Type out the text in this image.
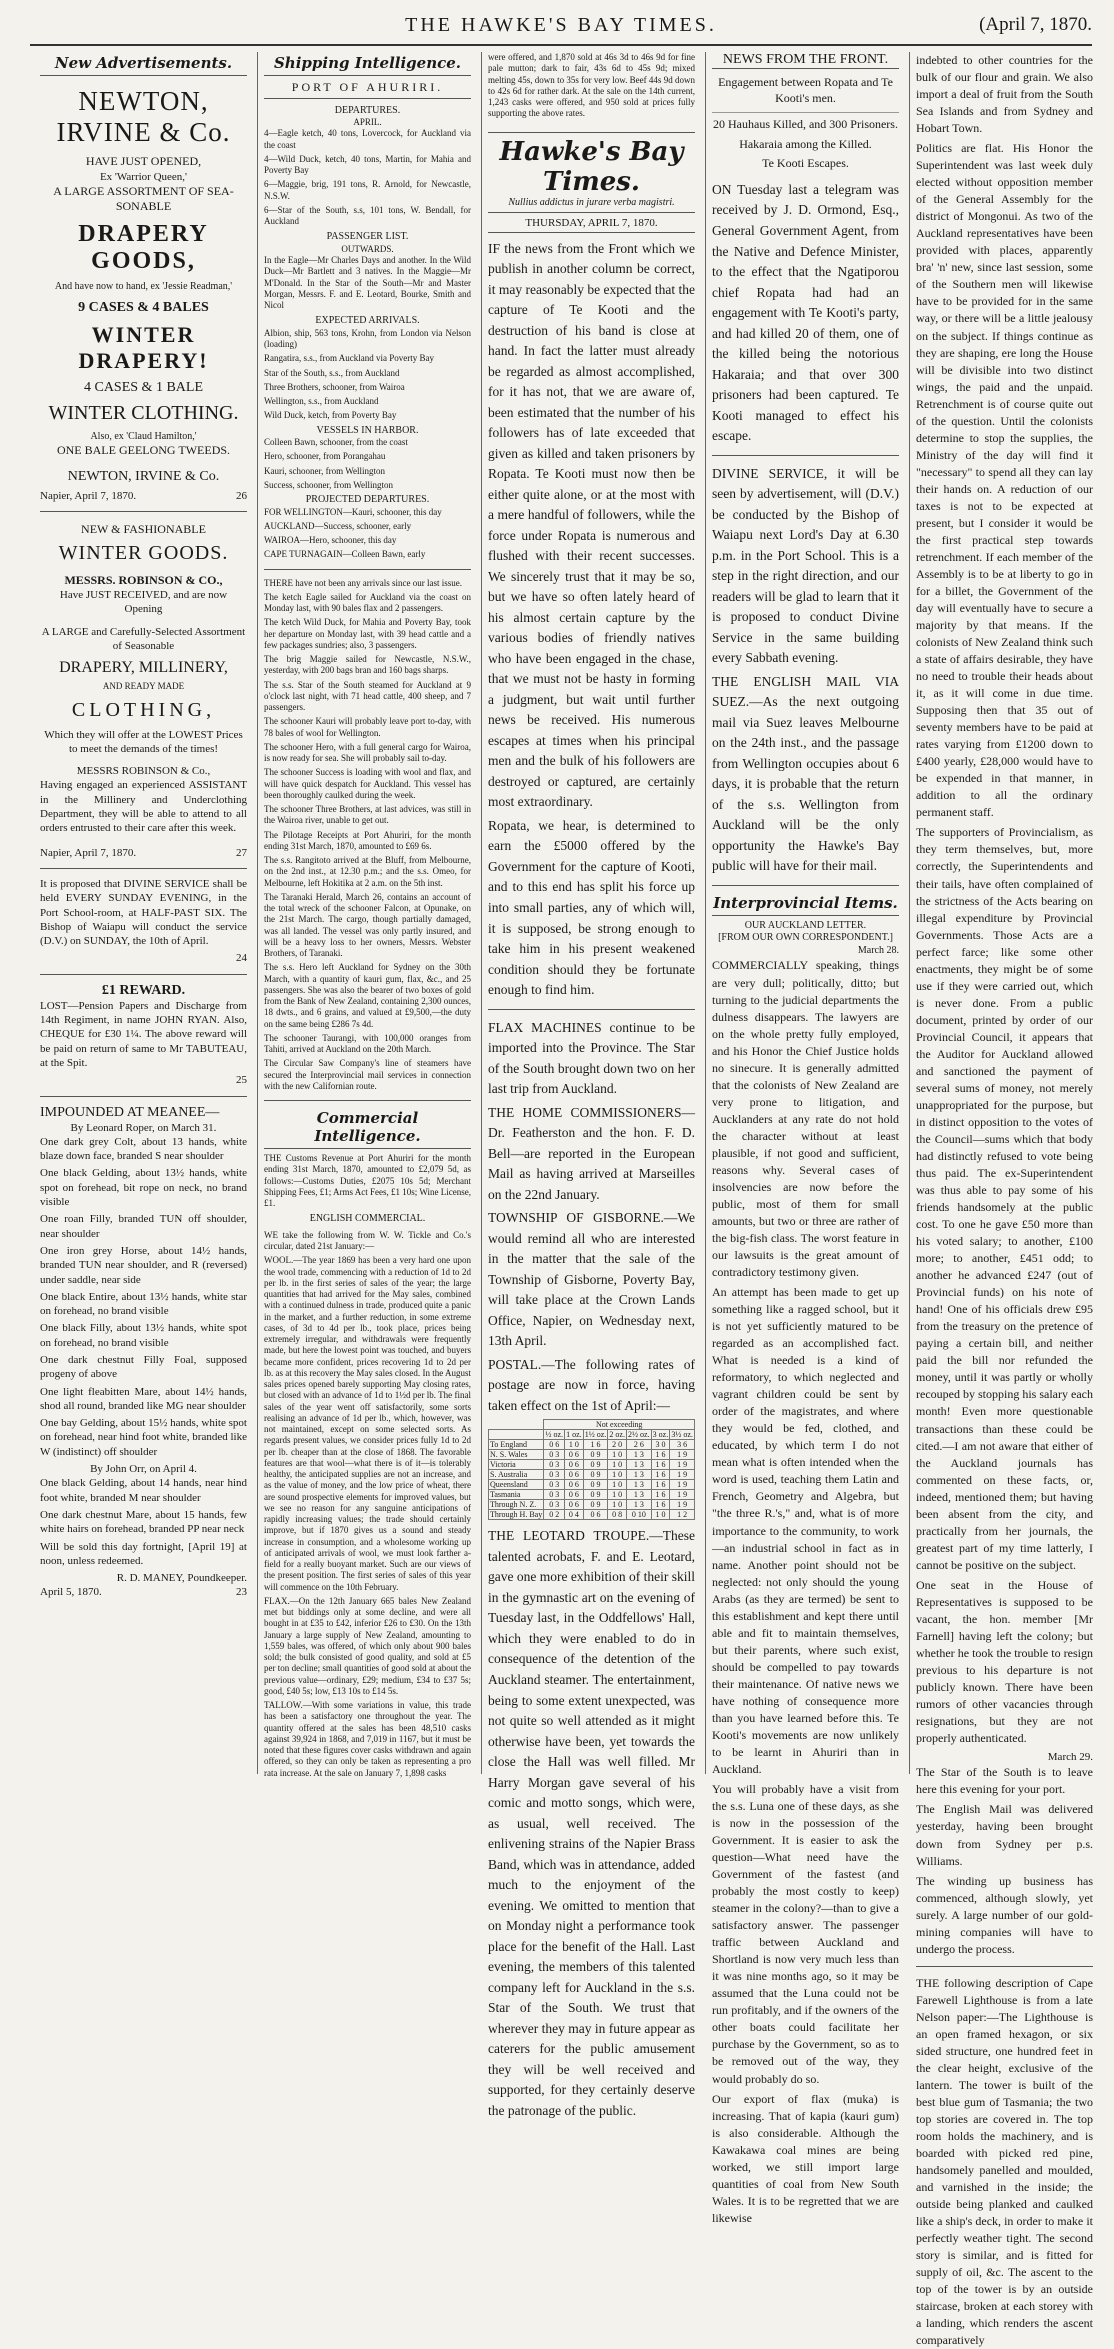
THE HAWKE'S BAY TIMES.	(April 7, 1870.
New Advertisements.
NEWTON, IRVINE & Co.
HAVE JUST OPENED,
Ex 'Warrior Queen,'
A LARGE ASSORTMENT OF SEA-SONABLE
DRAPERY GOODS,
And have now to hand, ex 'Jessie Readman,'
9 CASES & 4 BALES
WINTER DRAPERY!
4 CASES & 1 BALE
WINTER CLOTHING.
Also, ex 'Claud Hamilton,'
ONE BALE GEELONG TWEEDS.
NEWTON, IRVINE & Co.
Napier, April 7, 1870.	26
NEW & FASHIONABLE
WINTER GOODS.
MESSRS. ROBINSON & CO.,
Have JUST RECEIVED, and are now Opening
A LARGE and Carefully-Selected Assortment of Seasonable
DRAPERY, MILLINERY,
AND READY MADE
CLOTHING,
Which they will offer at the LOWEST Prices to meet the demands of the times!
MESSRS ROBINSON & Co.,

Having engaged an experienced ASSISTANT in the Millinery and Underclothing Department, they will be able to attend to all orders entrusted to their care after this week.

Napier, April 7, 1870.	27

It is proposed that DIVINE SERVICE shall be held EVERY SUNDAY EVENING, in the Port School-room, at HALF-PAST SIX. The Bishop of Waiapu will conduct the service (D.V.) on SUNDAY, the 10th of April.

24
£1 REWARD.

LOST—Pension Papers and Discharge from 14th Regiment, in name JOHN RYAN. Also, CHEQUE for £30 1¼. The above reward will be paid on return of same to Mr TABUTEAU, at the Spit.

25
IMPOUNDED AT MEANEE—
By Leonard Roper, on March 31.

One dark grey Colt, about 13 hands, white blaze down face, branded S near shoulder

One black Gelding, about 13½ hands, white spot on forehead, bit rope on neck, no brand visible

One roan Filly, branded TUN off shoulder, near shoulder

One iron grey Horse, about 14½ hands, branded TUN near shoulder, and R (reversed) under saddle, near side

One black Entire, about 13½ hands, white star on forehead, no brand visible

One black Filly, about 13½ hands, white spot on forehead, no brand visible

One dark chestnut Filly Foal, supposed progeny of above

One light fleabitten Mare, about 14½ hands, shod all round, branded like MG near shoulder

One bay Gelding, about 15½ hands, white spot on forehead, near hind foot white, branded like W (indistinct) off shoulder

By John Orr, on April 4.

One black Gelding, about 14 hands, near hind foot white, branded M near shoulder

One dark chestnut Mare, about 15 hands, few white hairs on forehead, branded PP near neck

Will be sold this day fortnight, [April 19] at noon, unless redeemed.

R. D. MANEY, Poundkeeper.
April 5, 1870.	23
Shipping Intelligence.
PORT OF AHURIRI.
DEPARTURES.
APRIL.

4—Eagle ketch, 40 tons, Lovercock, for Auckland via the coast

4—Wild Duck, ketch, 40 tons, Martin, for Mahia and Poverty Bay

6—Maggie, brig, 191 tons, R. Arnold, for Newcastle, N.S.W.

6—Star of the South, s.s, 101 tons, W. Bendall, for Auckland

PASSENGER LIST.
OUTWARDS.

In the Eagle—Mr Charles Days and another. In the Wild Duck—Mr Bartlett and 3 natives. In the Maggie—Mr M'Donald. In the Star of the South—Mr and Master Morgan, Messrs. F. and E. Leotard, Bourke, Smith and Nicol

EXPECTED ARRIVALS.

Albion, ship, 563 tons, Krohn, from London via Nelson (loading)

Rangatira, s.s., from Auckland via Poverty Bay

Star of the South, s.s., from Auckland

Three Brothers, schooner, from Wairoa

Wellington, s.s., from Auckland

Wild Duck, ketch, from Poverty Bay

VESSELS IN HARBOR.

Colleen Bawn, schooner, from the coast

Hero, schooner, from Porangahau

Kauri, schooner, from Wellington

Success, schooner, from Wellington

PROJECTED DEPARTURES.

FOR WELLINGTON—Kauri, schooner, this day

AUCKLAND—Success, schooner, early

WAIROA—Hero, schooner, this day

CAPE TURNAGAIN—Colleen Bawn, early

THERE have not been any arrivals since our last issue.

The ketch Eagle sailed for Auckland via the coast on Monday last, with 90 bales flax and 2 passengers.

The ketch Wild Duck, for Mahia and Poverty Bay, took her departure on Monday last, with 39 head cattle and a few packages sundries; also, 3 passengers.

The brig Maggie sailed for Newcastle, N.S.W., yesterday, with 200 bags bran and 160 bags sharps.

The s.s. Star of the South steamed for Auckland at 9 o'clock last night, with 71 head cattle, 400 sheep, and 7 passengers.

The schooner Kauri will probably leave port to-day, with 78 bales of wool for Wellington.

The schooner Hero, with a full general cargo for Wairoa, is now ready for sea. She will probably sail to-day.

The schooner Success is loading with wool and flax, and will have quick despatch for Auckland. This vessel has been thoroughly caulked during the week.

The schooner Three Brothers, at last advices, was still in the Wairoa river, unable to get out.

The Pilotage Receipts at Port Ahuriri, for the month ending 31st March, 1870, amounted to £69 6s.

The s.s. Rangitoto arrived at the Bluff, from Melbourne, on the 2nd inst., at 12.30 p.m.; and the s.s. Omeo, for Melbourne, left Hokitika at 2 a.m. on the 5th inst.

The Taranaki Herald, March 26, contains an account of the total wreck of the schooner Falcon, at Opunake, on the 21st March. The cargo, though partially damaged, was all landed. The vessel was only partly insured, and will be a heavy loss to her owners, Messrs. Webster Brothers, of Taranaki.

The s.s. Hero left Auckland for Sydney on the 30th March, with a quantity of kauri gum, flax, &c., and 25 passengers. She was also the bearer of two boxes of gold from the Bank of New Zealand, containing 2,300 ounces, 18 dwts., and 6 grains, and valued at £9,500,—the duty on the same being £286 7s 4d.

The schooner Taurangi, with 100,000 oranges from Tahiti, arrived at Auckland on the 20th March.

The Circular Saw Company's line of steamers have secured the Interprovincial mail services in connection with the new Californian route.

Commercial Intelligence.

THE Customs Revenue at Port Ahuriri for the month ending 31st March, 1870, amounted to £2,079 5d, as follows:—Customs Duties, £2075 10s 5d; Merchant Shipping Fees, £1; Arms Act Fees, £1 10s; Wine License, £1.

ENGLISH COMMERCIAL.

WE take the following from W. W. Tickle and Co.'s circular, dated 21st January:—

WOOL.—The year 1869 has been a very hard one upon the wool trade, commencing with a reduction of 1d to 2d per lb. in the first series of sales of the year; the large quantities that had arrived for the May sales, combined with a continued dulness in trade, produced quite a panic in the market, and a further reduction, in some extreme cases, of 3d to 4d per lb., took place, prices being extremely irregular, and withdrawals were frequently made, but here the lowest point was touched, and buyers became more confident, prices recovering 1d to 2d per lb. as at this recovery the May sales closed. In the August sales prices opened barely supporting May closing rates, but closed with an advance of 1d to 1½d per lb. The final sales of the year went off satisfactorily, some sorts realising an advance of 1d per lb., which, however, was not maintained, except on some selected sorts. As regards present values, we consider prices fully 1d to 2d per lb. cheaper than at the close of 1868. The favorable features are that wool—what there is of it—is tolerably healthy, the anticipated supplies are not an increase, and as the value of money, and the low price of wheat, there are sound prospective elements for improved values, but we see no reason for any sanguine anticipations of rapidly increasing values; the trade should certainly improve, but if 1870 gives us a sound and steady increase in consumption, and a wholesome working up of anticipated arrivals of wool, we must look farther a-field for a really buoyant market. Such are our views of the present position. The first series of sales of this year will commence on the 10th February.

FLAX.—On the 12th January 665 bales New Zealand met but biddings only at some decline, and were all bought in at £35 to £42, inferior £26 to £30. On the 13th January a large supply of New Zealand, amounting to 1,559 bales, was offered, of which only about 900 bales sold; the bulk consisted of good quality, and sold at £5 per ton decline; small quantities of good sold at about the previous value—ordinary, £29; medium, £34 to £37 5s; good, £40 5s; low, £13 10s to £14 5s.

TALLOW.—With some variations in value, this trade has been a satisfactory one throughout the year. The quantity offered at the sales has been 48,510 casks against 39,924 in 1868, and 7,019 in 1167, but it must be noted that these figures cover casks withdrawn and again offered, so they can only be taken as representing a pro rata increase. At the sale on January 7, 1,898 casks

were offered, and 1,870 sold at 46s 3d to 46s 9d for fine pale mutton; dark to fair, 43s 6d to 45s 9d; mixed melting 45s, down to 35s for very low. Beef 44s 9d down to 42s 6d for rather dark. At the sale on the 14th current, 1,243 casks were offered, and 950 sold at prices fully supporting the above rates.

Hawke's Bay Times.
Nullius addictus in jurare verba magistri.
THURSDAY, APRIL 7, 1870.

IF the news from the Front which we publish in another column be correct, it may reasonably be expected that the capture of Te Kooti and the destruction of his band is close at hand. In fact the latter must already be regarded as almost accomplished, for it has not, that we are aware of, been estimated that the number of his followers has of late exceeded that given as killed and taken prisoners by Ropata. Te Kooti must now then be either quite alone, or at the most with a mere handful of followers, while the force under Ropata is numerous and flushed with their recent successes. We sincerely trust that it may be so, but we have so often lately heard of his almost certain capture by the various bodies of friendly natives who have been engaged in the chase, that we must not be hasty in forming a judgment, but wait until further news be received. His numerous escapes at times when his principal men and the bulk of his followers are destroyed or captured, are certainly most extraordinary.

Ropata, we hear, is determined to earn the £5000 offered by the Government for the capture of Kooti, and to this end has split his force up into small parties, any of which will, it is supposed, be strong enough to take him in his present weakened condition should they be fortunate enough to find him.

FLAX MACHINES continue to be imported into the Province. The Star of the South brought down two on her last trip from Auckland.

THE HOME COMMISSIONERS—Dr. Featherston and the hon. F. D. Bell—are reported in the European Mail as having arrived at Marseilles on the 22nd January.

TOWNSHIP OF GISBORNE.—We would remind all who are interested in the matter that the sale of the Township of Gisborne, Poverty Bay, will take place at the Crown Lands Office, Napier, on Wednesday next, 13th April.

POSTAL.—The following rates of postage are now in force, having taken effect on the 1st of April:—

	Not exceeding						
	½ oz.	1 oz.	1½ oz.	2 oz.	2½ oz.	3 oz.	3½ oz.
To England	0 6	1 0	1 6	2 0	2 6	3 0	3 6
N. S. Wales	0 3	0 6	0 9	1 0	1 3	1 6	1 9
Victoria	0 3	0 6	0 9	1 0	1 3	1 6	1 9
S. Australia	0 3	0 6	0 9	1 0	1 3	1 6	1 9
Queensland	0 3	0 6	0 9	1 0	1 3	1 6	1 9
Tasmania	0 3	0 6	0 9	1 0	1 3	1 6	1 9
Through N. Z.	0 3	0 6	0 9	1 0	1 3	1 6	1 9
Through H. Bay	0 2	0 4	0 6	0 8	0 10	1 0	1 2

THE LEOTARD TROUPE.—These talented acrobats, F. and E. Leotard, gave one more exhibition of their skill in the gymnastic art on the evening of Tuesday last, in the Oddfellows' Hall, which they were enabled to do in consequence of the detention of the Auckland steamer. The entertainment, being to some extent unexpected, was not quite so well attended as it might otherwise have been, yet towards the close the Hall was well filled. Mr Harry Morgan gave several of his comic and motto songs, which were, as usual, well received. The enlivening strains of the Napier Brass Band, which was in attendance, added much to the enjoyment of the evening. We omitted to mention that on Monday night a performance took place for the benefit of the Hall. Last evening, the members of this talented company left for Auckland in the s.s. Star of the South. We trust that wherever they may in future appear as caterers for the public amusement they will be well received and supported, for they certainly deserve the patronage of the public.

NEWS FROM THE FRONT.
Engagement between Ropata and Te Kooti's men.
20 Hauhaus Killed, and 300 Prisoners.
Hakaraia among the Killed.
Te Kooti Escapes.

ON Tuesday last a telegram was received by J. D. Ormond, Esq., General Government Agent, from the Native and Defence Minister, to the effect that the Ngatiporou chief Ropata had had an engagement with Te Kooti's party, and had killed 20 of them, one of the killed being the notorious Hakaraia; and that over 300 prisoners had been captured. Te Kooti managed to effect his escape.

DIVINE SERVICE, it will be seen by advertisement, will (D.V.) be conducted by the Bishop of Waiapu next Lord's Day at 6.30 p.m. in the Port School. This is a step in the right direction, and our readers will be glad to learn that it is proposed to conduct Divine Service in the same building every Sabbath evening.

THE ENGLISH MAIL VIA SUEZ.—As the next outgoing mail via Suez leaves Melbourne on the 24th inst., and the passage from Wellington occupies about 6 days, it is probable that the return of the s.s. Wellington from Auckland will be the only opportunity the Hawke's Bay public will have for their mail.

Interprovincial Items.
OUR AUCKLAND LETTER.
[FROM OUR OWN CORRESPONDENT.]
March 28.

COMMERCIALLY speaking, things are very dull; politically, ditto; but turning to the judicial departments the dulness disappears. The lawyers are on the whole pretty fully employed, and his Honor the Chief Justice holds no sinecure. It is generally admitted that the colonists of New Zealand are very prone to litigation, and Aucklanders at any rate do not hold the character without at least plausible, if not good and sufficient, reasons why. Several cases of insolvencies are now before the public, most of them for small amounts, but two or three are rather of the big-fish class. The worst feature in our lawsuits is the great amount of contradictory testimony given.

An attempt has been made to get up something like a ragged school, but it is not yet sufficiently matured to be regarded as an accomplished fact. What is needed is a kind of reformatory, to which neglected and vagrant children could be sent by order of the magistrates, and where they would be fed, clothed, and educated, by which term I do not mean what is often intended when the word is used, teaching them Latin and French, Geometry and Algebra, but "the three R.'s," and, what is of more importance to the community, to work—an industrial school in fact as in name. Another point should not be neglected: not only should the young Arabs (as they are termed) be sent to this establishment and kept there until able and fit to maintain themselves, but their parents, where such exist, should be compelled to pay towards their maintenance. Of native news we have nothing of consequence more than you have learned before this. Te Kooti's movements are now unlikely to be learnt in Ahuriri than in Auckland.

You will probably have a visit from the s.s. Luna one of these days, as she is now in the possession of the Government. It is easier to ask the question—What need have the Government of the fastest (and probably the most costly to keep) steamer in the colony?—than to give a satisfactory answer. The passenger traffic between Auckland and Shortland is now very much less than it was nine months ago, so it may be assumed that the Luna could not be run profitably, and if the owners of the other boats could facilitate her purchase by the Government, so as to be removed out of the way, they would probably do so.

Our export of flax (muka) is increasing. That of kapia (kauri gum) is also considerable. Although the Kawakawa coal mines are being worked, we still import large quantities of coal from New South Wales. It is to be regretted that we are likewise

indebted to other countries for the bulk of our flour and grain. We also import a deal of fruit from the South Sea Islands and from Sydney and Hobart Town.

Politics are flat. His Honor the Superintendent was last week duly elected without opposition member of the General Assembly for the district of Mongonui. As two of the Auckland representatives have been provided with places, apparently bra' 'n' new, since last session, some of the Southern men will likewise have to be provided for in the same way, or there will be a little jealousy on the subject. If things continue as they are shaping, ere long the House will be divisible into two distinct wings, the paid and the unpaid. Retrenchment is of course quite out of the question. Until the colonists determine to stop the supplies, the Ministry of the day will find it "necessary" to spend all they can lay their hands on. A reduction of our taxes is not to be expected at present, but I consider it would be the first practical step towards retrenchment. If each member of the Assembly is to be at liberty to go in for a billet, the Government of the day will eventually have to secure a majority by that means. If the colonists of New Zealand think such a state of affairs desirable, they have no need to trouble their heads about it, as it will come in due time. Supposing then that 35 out of seventy members have to be paid at rates varying from £1200 down to £400 yearly, £28,000 would have to be expended in that manner, in addition to all the ordinary permanent staff.

The supporters of Provincialism, as they term themselves, but, more correctly, the Superintendents and their tails, have often complained of the strictness of the Acts bearing on illegal expenditure by Provincial Governments. Those Acts are a perfect farce; like some other enactments, they might be of some use if they were carried out, which is never done. From a public document, printed by order of our Provincial Council, it appears that the Auditor for Auckland allowed and sanctioned the payment of several sums of money, not merely unappropriated for the purpose, but in distinct opposition to the votes of the Council—sums which that body had distinctly refused to vote being thus paid. The ex-Superintendent was thus able to pay some of his friends handsomely at the public cost. To one he gave £50 more than his voted salary; to another, £100 more; to another, £451 odd; to another he advanced £247 (out of Provincial funds) on his note of hand! One of his officials drew £95 from the treasury on the pretence of paying a certain bill, and neither paid the bill nor refunded the money, until it was partly or wholly recouped by stopping his salary each month! Even more questionable transactions than these could be cited.—I am not aware that either of the Auckland journals has commented on these facts, or, indeed, mentioned them; but having been absent from the city, and practically from her journals, the greatest part of my time latterly, I cannot be positive on the subject.

One seat in the House of Representatives is supposed to be vacant, the hon. member [Mr Farnell] having left the colony; but whether he took the trouble to resign previous to his departure is not publicly known. There have been rumors of other vacancies through resignations, but they are not properly authenticated.

March 29.

The Star of the South is to leave here this evening for your port.

The English Mail was delivered yesterday, having been brought down from Sydney per p.s. Williams.

The winding up business has commenced, although slowly, yet surely. A large number of our gold-mining companies will have to undergo the process.

THE following description of Cape Farewell Lighthouse is from a late Nelson paper:—The Lighthouse is an open framed hexagon, or six sided structure, one hundred feet in the clear height, exclusive of the lantern. The tower is built of the best blue gum of Tasmania; the two top stories are covered in. The top room holds the machinery, and is boarded with picked red pine, handsomely panelled and moulded, and varnished in the inside; the outside being planked and caulked like a ship's deck, in order to make it perfectly weather tight. The second story is similar, and is fitted for supply of oil, &c. The ascent to the top of the tower is by an outside staircase, broken at each storey with a landing, which renders the ascent comparatively
